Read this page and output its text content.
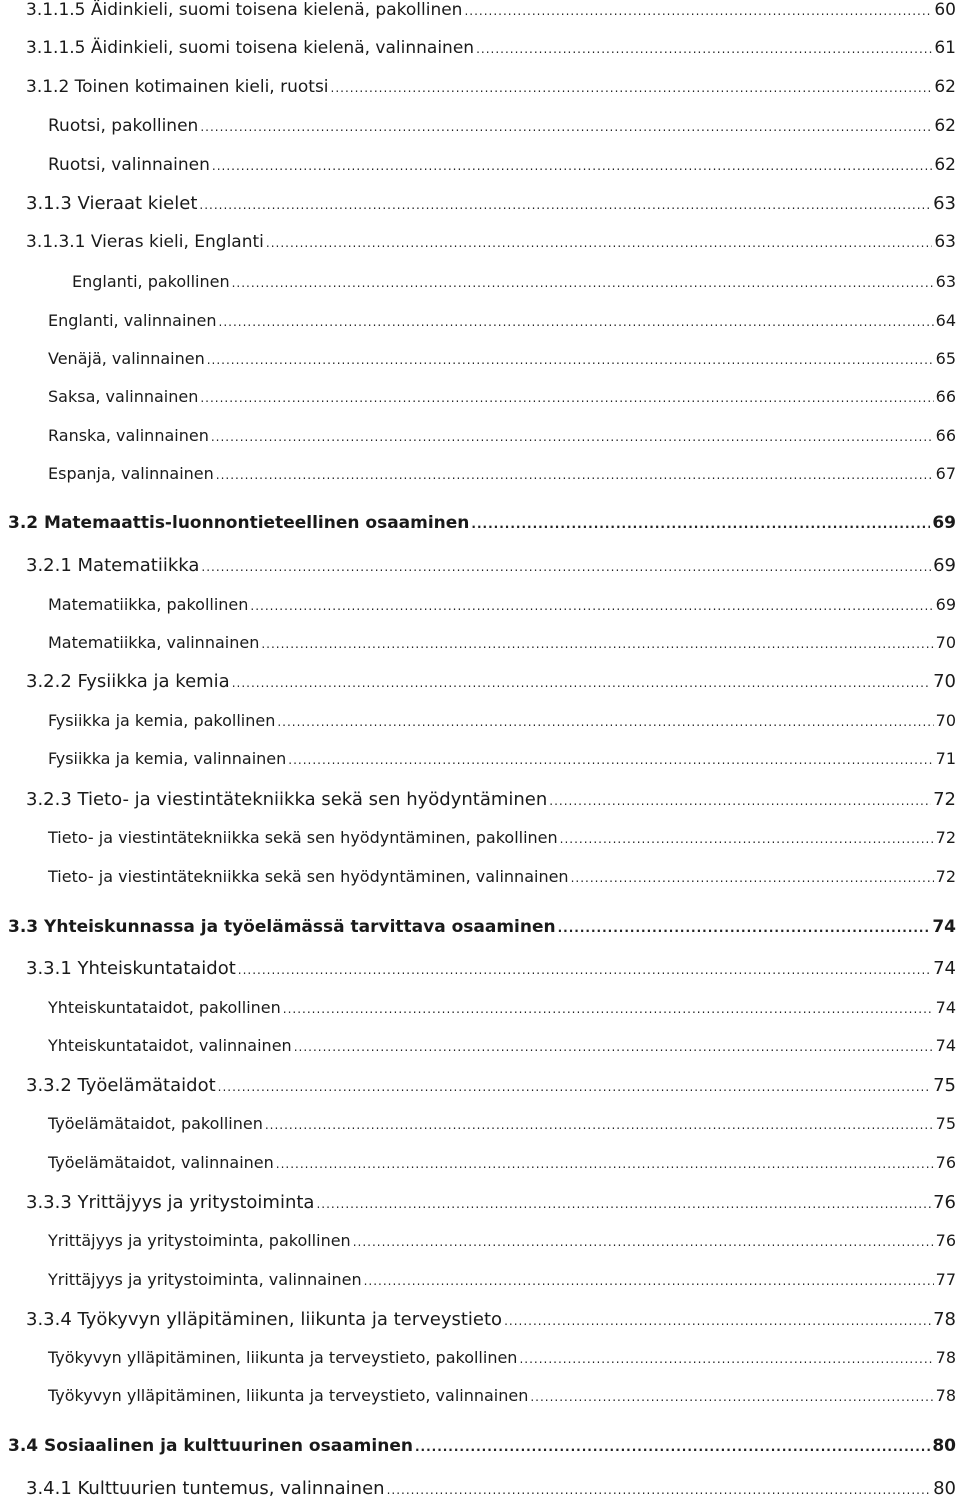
3.1.1.5 Äidinkieli, suomi toisena kielenä, pakollinen .....	60
3.1.1.5 Äidinkieli, suomi toisena kielenä, valinnainen .....	61
3.1.2 Toinen kotimainen kieli, ruotsi .....	62
Ruotsi, pakollinen .....	62
Ruotsi, valinnainen .....	62
3.1.3 Vieraat kielet .....	63
3.1.3.1 Vieras kieli, Englanti .....	63
Englanti, pakollinen .....	63
Englanti, valinnainen .....	64
Venäjä, valinnainen .....	65
Saksa, valinnainen .....	66
Ranska, valinnainen .....	66
Espanja, valinnainen .....	67
3.2 Matemaattis-luonnontieteellinen osaaminen .....	69
3.2.1 Matematiikka .....	69
Matematiikka, pakollinen .....	69
Matematiikka, valinnainen .....	70
3.2.2 Fysiikka ja kemia .....	70
Fysiikka ja kemia, pakollinen .....	70
Fysiikka ja kemia, valinnainen .....	71
3.2.3 Tieto- ja viestintätekniikka sekä sen hyödyntäminen .....	72
Tieto- ja viestintätekniikka sekä sen hyödyntäminen, pakollinen .....	72
Tieto- ja viestintätekniikka sekä sen hyödyntäminen, valinnainen .....	72
3.3 Yhteiskunnassa ja työelämässä tarvittava osaaminen .....	74
3.3.1 Yhteiskuntataidot .....	74
Yhteiskuntataidot, pakollinen .....	74
Yhteiskuntataidot, valinnainen .....	74
3.3.2 Työelämätaidot .....	75
Työelämätaidot, pakollinen .....	75
Työelämätaidot, valinnainen .....	76
3.3.3 Yrittäjyys ja yritystoiminta .....	76
Yrittäjyys ja yritystoiminta, pakollinen .....	76
Yrittäjyys ja yritystoiminta, valinnainen .....	77
3.3.4 Työkyvyn ylläpitäminen, liikunta ja terveystieto .....	78
Työkyvyn ylläpitäminen, liikunta ja terveystieto, pakollinen .....	78
Työkyvyn ylläpitäminen, liikunta ja terveystieto, valinnainen .....	78
3.4 Sosiaalinen ja kulttuurinen osaaminen .....	80
3.4.1 Kulttuurien tuntemus, valinnainen .....	80
